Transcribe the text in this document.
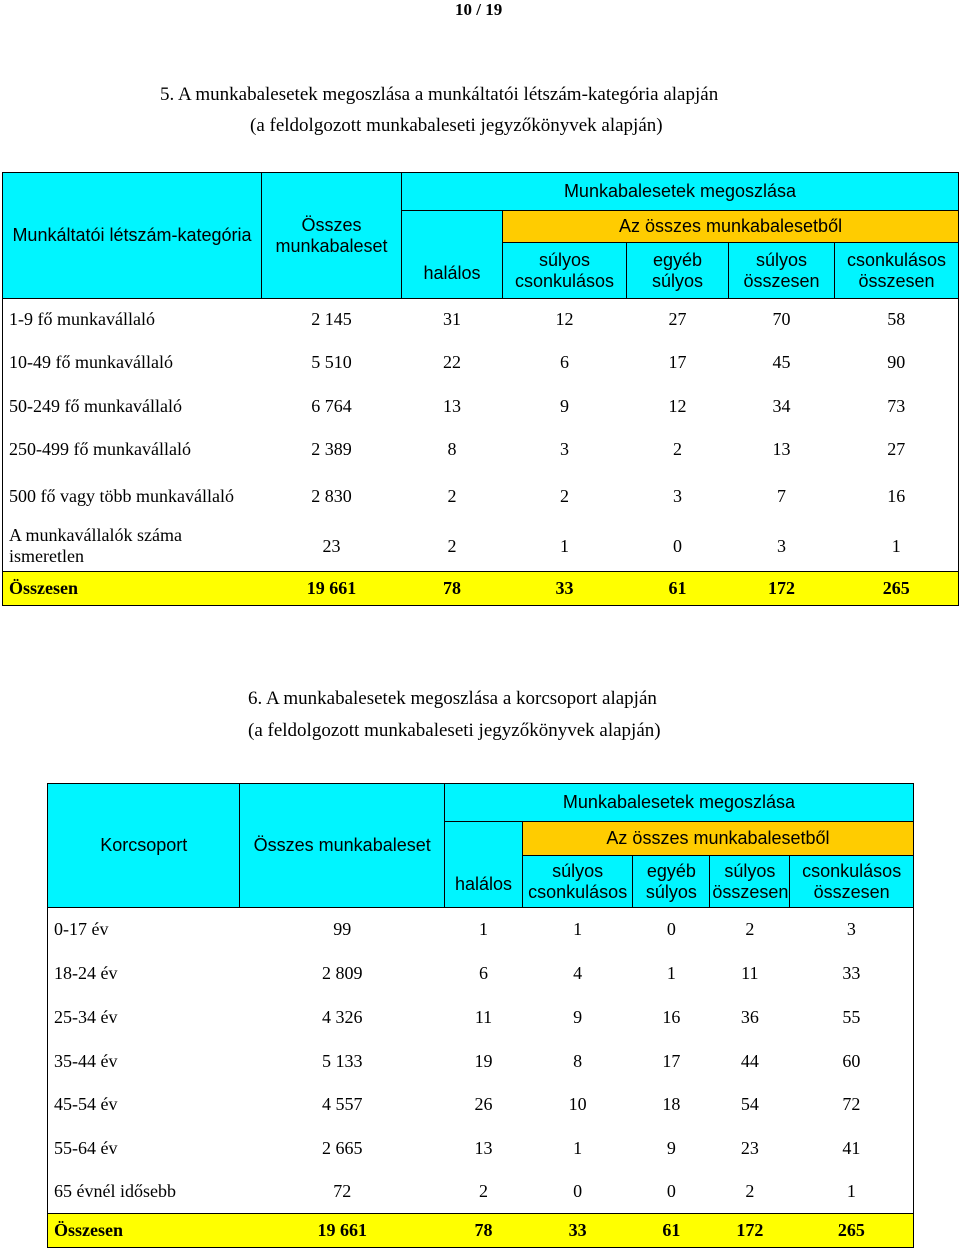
10 / 19
5. A munkabalesetek megoszlása a munkáltatói létszám-kategória alapján
(a feldolgozott munkabaleseti jegyzőkönyvek alapján)
Munkáltatói létszám-kategória	Összes munkabaleset	Munkabalesetek megoszlása				
		halálos	Az összes munkabalesetből			
			súlyos csonkulásos	egyéb súlyos	súlyos összesen	csonkulásos összesen
1-9 fő munkavállaló	2 145	31	12	27	70	58
10-49 fő munkavállaló	5 510	22	6	17	45	90
50-249 fő munkavállaló	6 764	13	9	12	34	73
250-499 fő munkavállaló	2 389	8	3	2	13	27
500 fő vagy több munkavállaló	2 830	2	2	3	7	16
A munkavállalók száma ismeretlen	23	2	1	0	3	1
Összesen	19 661	78	33	61	172	265
6. A munkabalesetek megoszlása a korcsoport alapján
(a feldolgozott munkabaleseti jegyzőkönyvek alapján)
Korcsoport	Összes munkabaleset	Munkabalesetek megoszlása				
		halálos	Az összes munkabalesetből			
			súlyos csonkulásos	egyéb súlyos	súlyos összesen	csonkulásos összesen
0-17 év	99	1	1	0	2	3
18-24 év	2 809	6	4	1	11	33
25-34 év	4 326	11	9	16	36	55
35-44 év	5 133	19	8	17	44	60
45-54 év	4 557	26	10	18	54	72
55-64 év	2 665	13	1	9	23	41
65 évnél idősebb	72	2	0	0	2	1
Összesen	19 661	78	33	61	172	265
